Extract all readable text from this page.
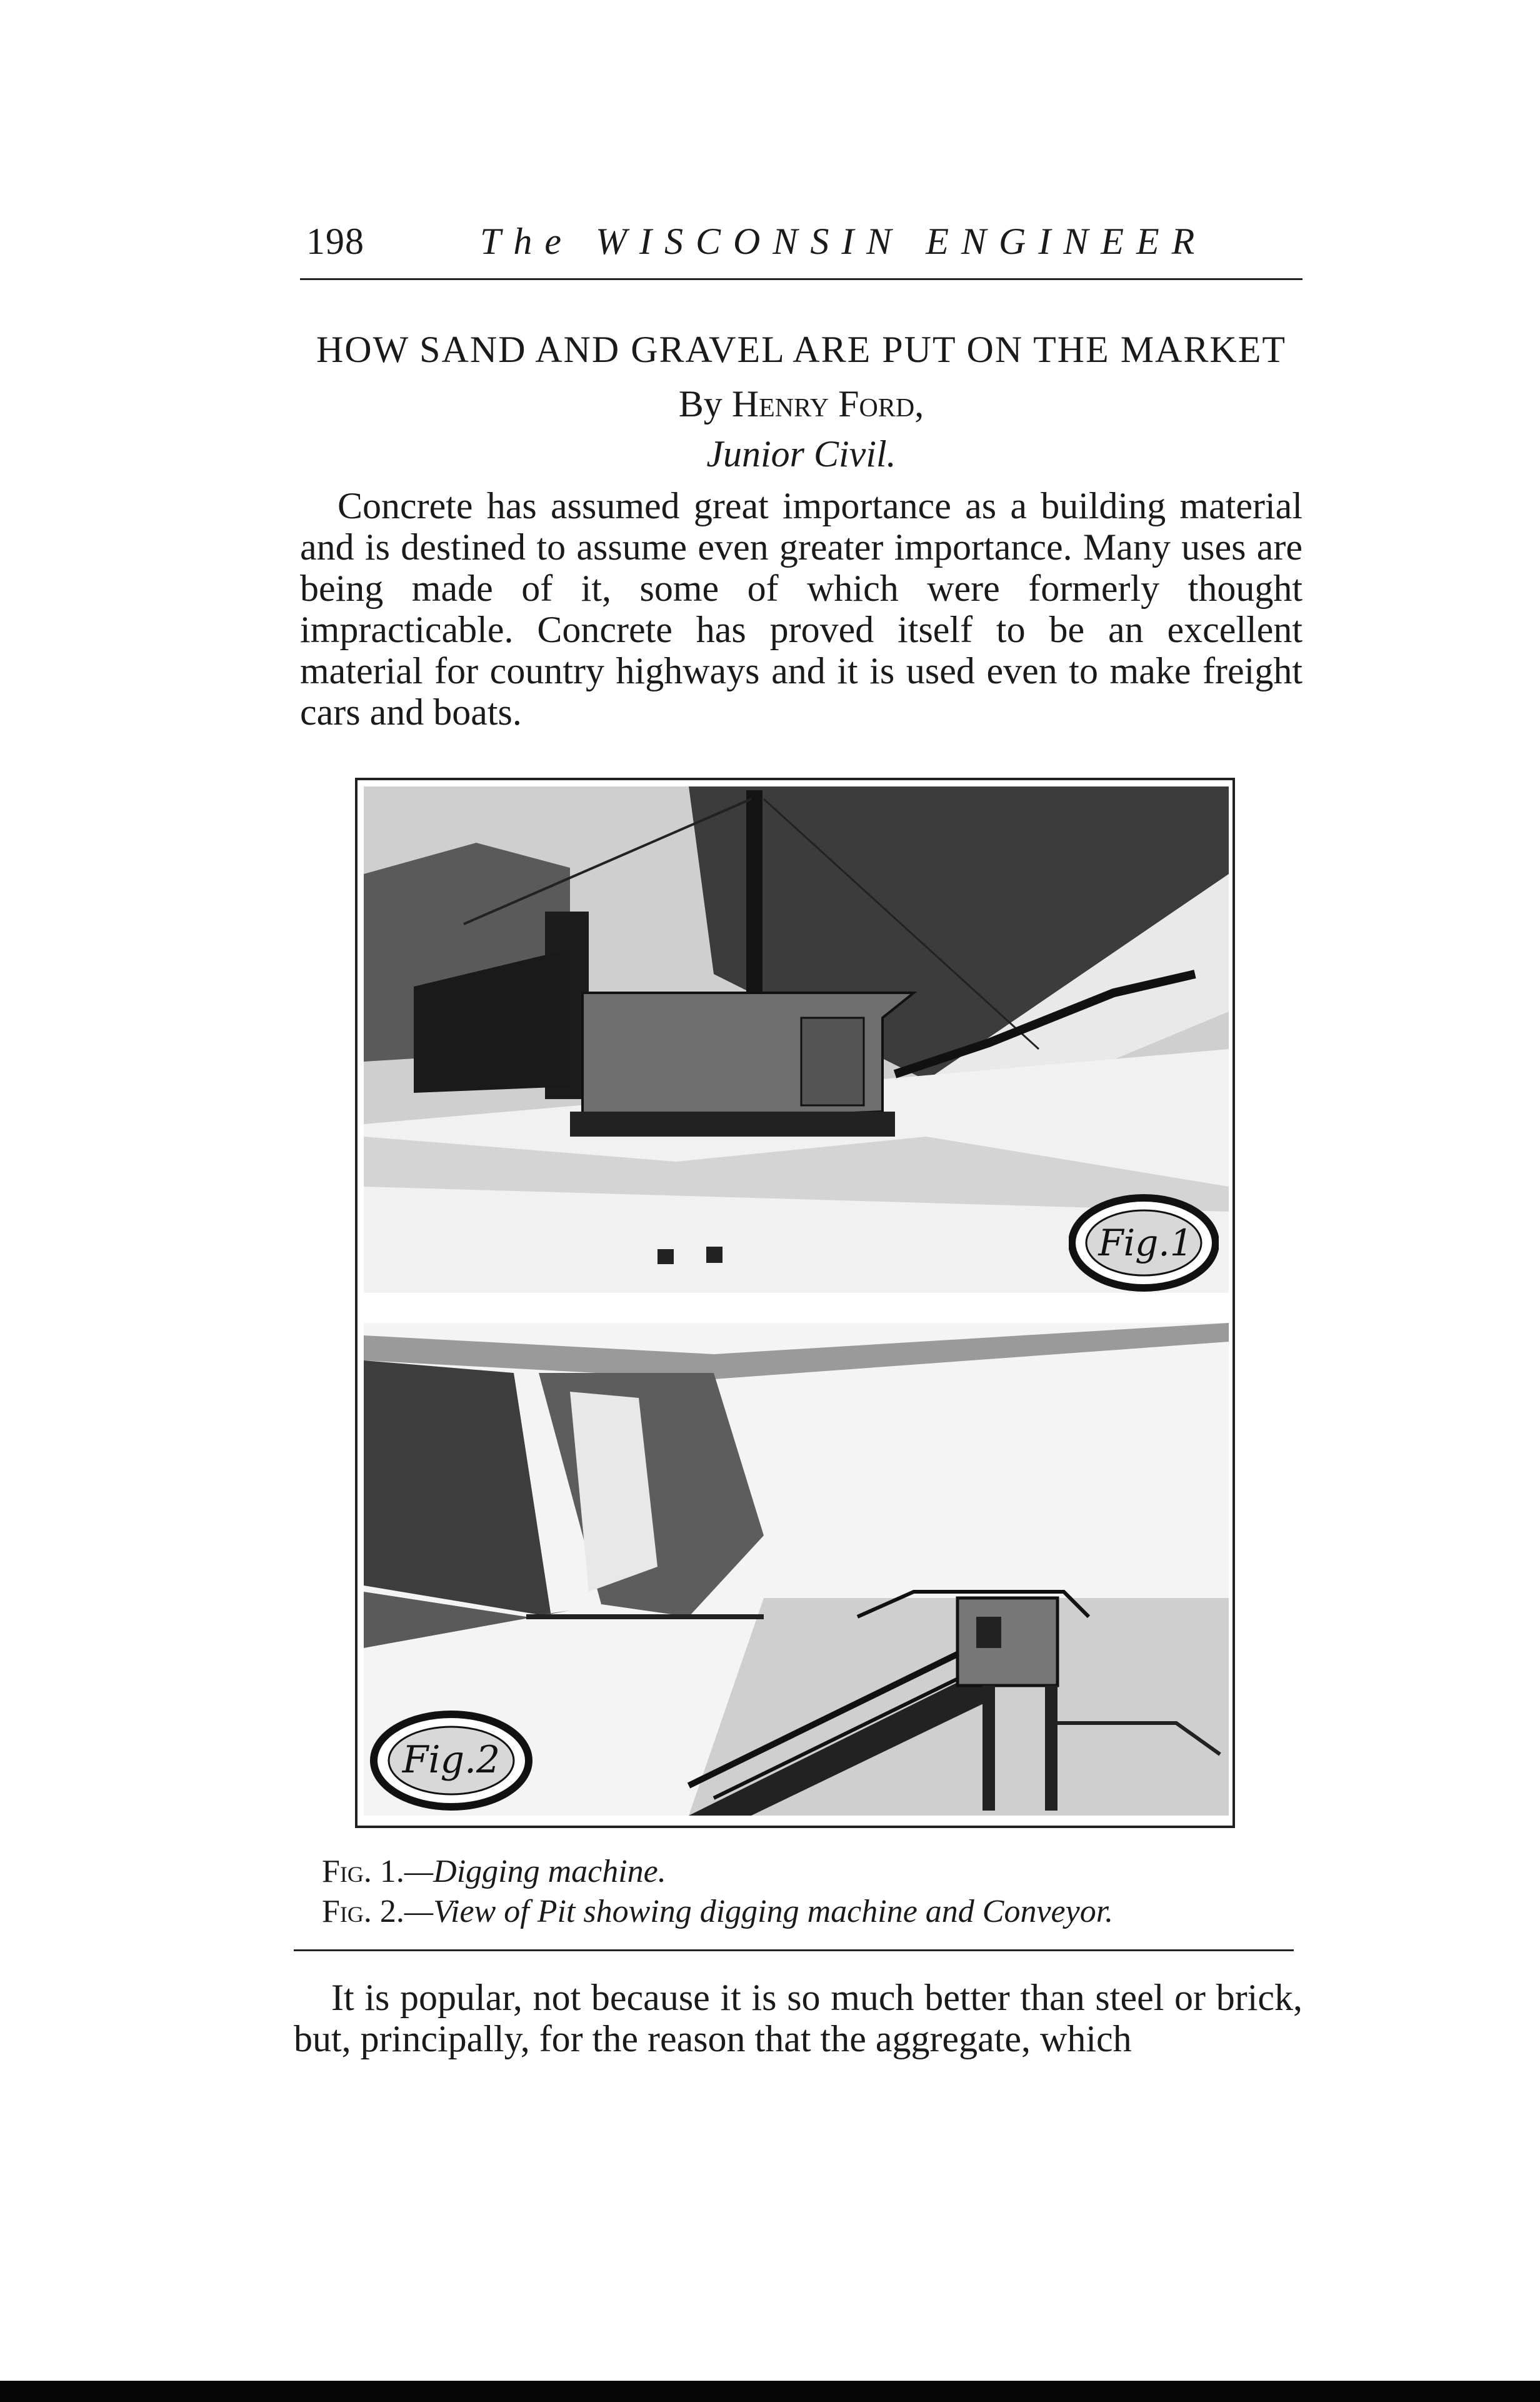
198	The WISCONSIN ENGINEER
HOW SAND AND GRAVEL ARE PUT ON THE MARKET
By Henry Ford,
Junior Civil.
Concrete has assumed great importance as a building material and is destined to assume even greater importance. Many uses are being made of it, some of which were formerly thought impracticable. Concrete has proved itself to be an excellent material for country highways and it is used even to make freight cars and boats.
Fig.1
Fig.2
Fig. 1.—Digging machine.
Fig. 2.—View of Pit showing digging machine and Conveyor.
It is popular, not because it is so much better than steel or brick, but, principally, for the reason that the aggregate, which
